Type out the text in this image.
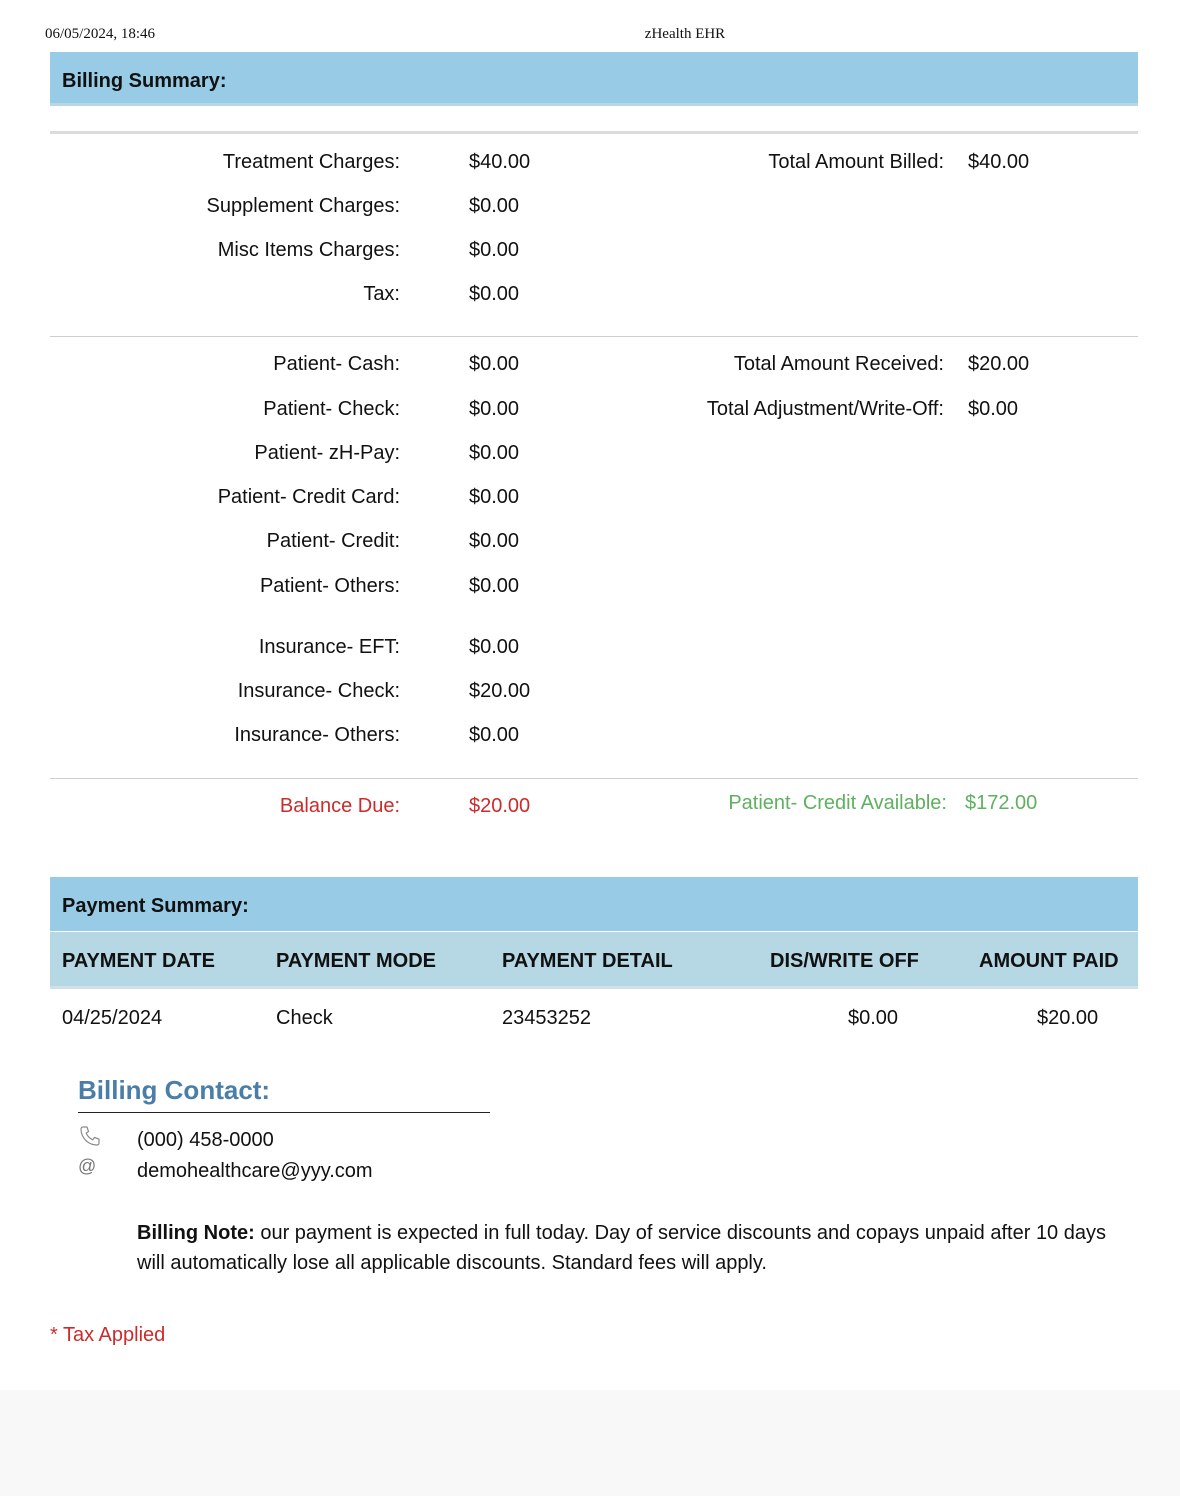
06/05/2024, 18:46	zHealth EHR
Billing Summary:
Treatment Charges:	$40.00
Supplement Charges:	$0.00
Misc Items Charges:	$0.00
Tax:	$0.00
Total Amount Billed: $40.00
Patient- Cash:	$0.00
Patient- Check:	$0.00
Patient- zH-Pay:	$0.00
Patient- Credit Card:	$0.00
Patient- Credit:	$0.00
Patient- Others:	$0.00
Insurance- EFT:	$0.00
Insurance- Check:	$20.00
Insurance- Others:	$0.00
Total Amount Received: $20.00
Total Adjustment/Write-Off: $0.00
Balance Due:	$20.00	Patient- Credit Available: $172.00
Payment Summary:
PAYMENT DATE	PAYMENT MODE	PAYMENT DETAIL	DIS/WRITE OFF	AMOUNT PAID
04/25/2024	Check	23453252	$0.00	$20.00
Billing Contact:
(000) 458-0000
@ demohealthcare@yyy.com
Billing Note: our payment is expected in full today. Day of service discounts and copays unpaid after 10 days will automatically lose all applicable discounts. Standard fees will apply.
* Tax Applied
